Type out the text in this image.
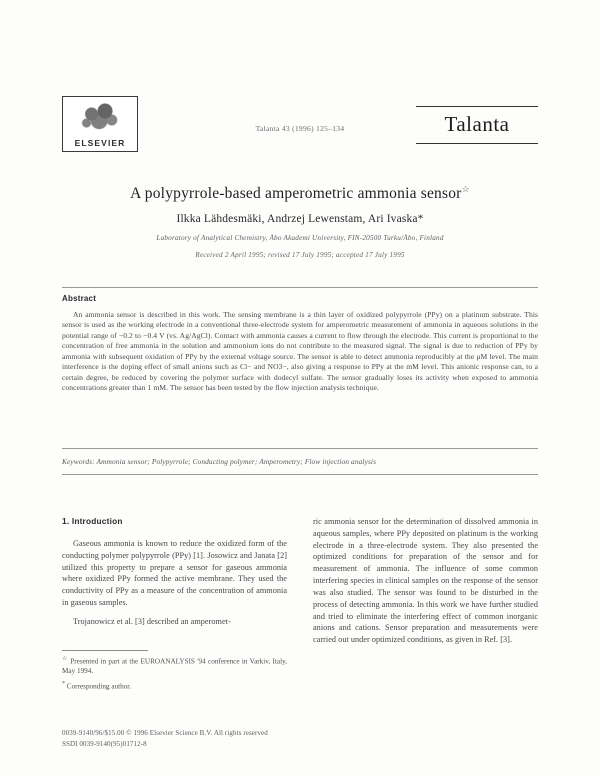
ELSEVIER
Talanta 43 (1996) 125–134	Talanta
A polypyrrole-based amperometric ammonia sensor☆
Ilkka Lähdesmäki, Andrzej Lewenstam, Ari Ivaska*
Laboratory of Analytical Chemistry, Åbo Akademi University, FIN-20500 Turku/Åbo, Finland
Received 2 April 1995; revised 17 July 1995; accepted 17 July 1995
Abstract
An ammonia sensor is described in this work. The sensing membrane is a thin layer of oxidized polypyrrole (PPy) on a platinum substrate. This sensor is used as the working electrode in a conventional three-electrode system for amperometric measurement of ammonia in aqueous solutions in the potential range of −0.2 to −0.4 V (vs. Ag/AgCl). Contact with ammonia causes a current to flow through the electrode. This current is proportional to the concentration of free ammonia in the solution and ammonium ions do not contribute to the measured signal. The signal is due to reduction of PPy by ammonia with subsequent oxidation of PPy by the external voltage source. The sensor is able to detect ammonia reproducibly at the μM level. The main interference is the doping effect of small anions such as Cl− and NO3−, also giving a response to PPy at the mM level. This anionic response can, to a certain degree, be reduced by covering the polymer surface with dodecyl sulfate. The sensor gradually loses its activity when exposed to ammonia concentrations greater than 1 mM. The sensor has been tested by the flow injection analysis technique.
Keywords: Ammonia sensor; Polypyrrole; Conducting polymer; Amperometry; Flow injection analysis
1. Introduction

Gaseous ammonia is known to reduce the oxidized form of the conducting polymer polypyrrole (PPy) [1]. Josowicz and Janata [2] utilized this property to prepare a sensor for gaseous ammonia where oxidized PPy formed the active membrane. They used the conductivity of PPy as a measure of the concentration of ammonia in gaseous samples.

Trojanowicz et al. [3] described an amperomet-

ric ammonia sensor for the determination of dissolved ammonia in aqueous samples, where PPy deposited on platinum is the working electrode in a three-electrode system. They also presented the optimized conditions for preparation of the sensor and for measurement of ammonia. The influence of some common interfering species in clinical samples on the response of the sensor was also studied. The sensor was found to be disturbed in the process of detecting ammonia. In this work we have further studied and tried to eliminate the interfering effect of common inorganic anions and cations. Sensor preparation and measurements were carried out under optimized conditions, as given in Ref. [3].

☆ Presented in part at the EUROANALYSIS '94 conference in Varkiv, Italy, May 1994.
* Corresponding author.
0039-9140/96/$15.00 © 1996 Elsevier Science B.V. All rights reserved
SSDI 0039-9140(95)01712-8
